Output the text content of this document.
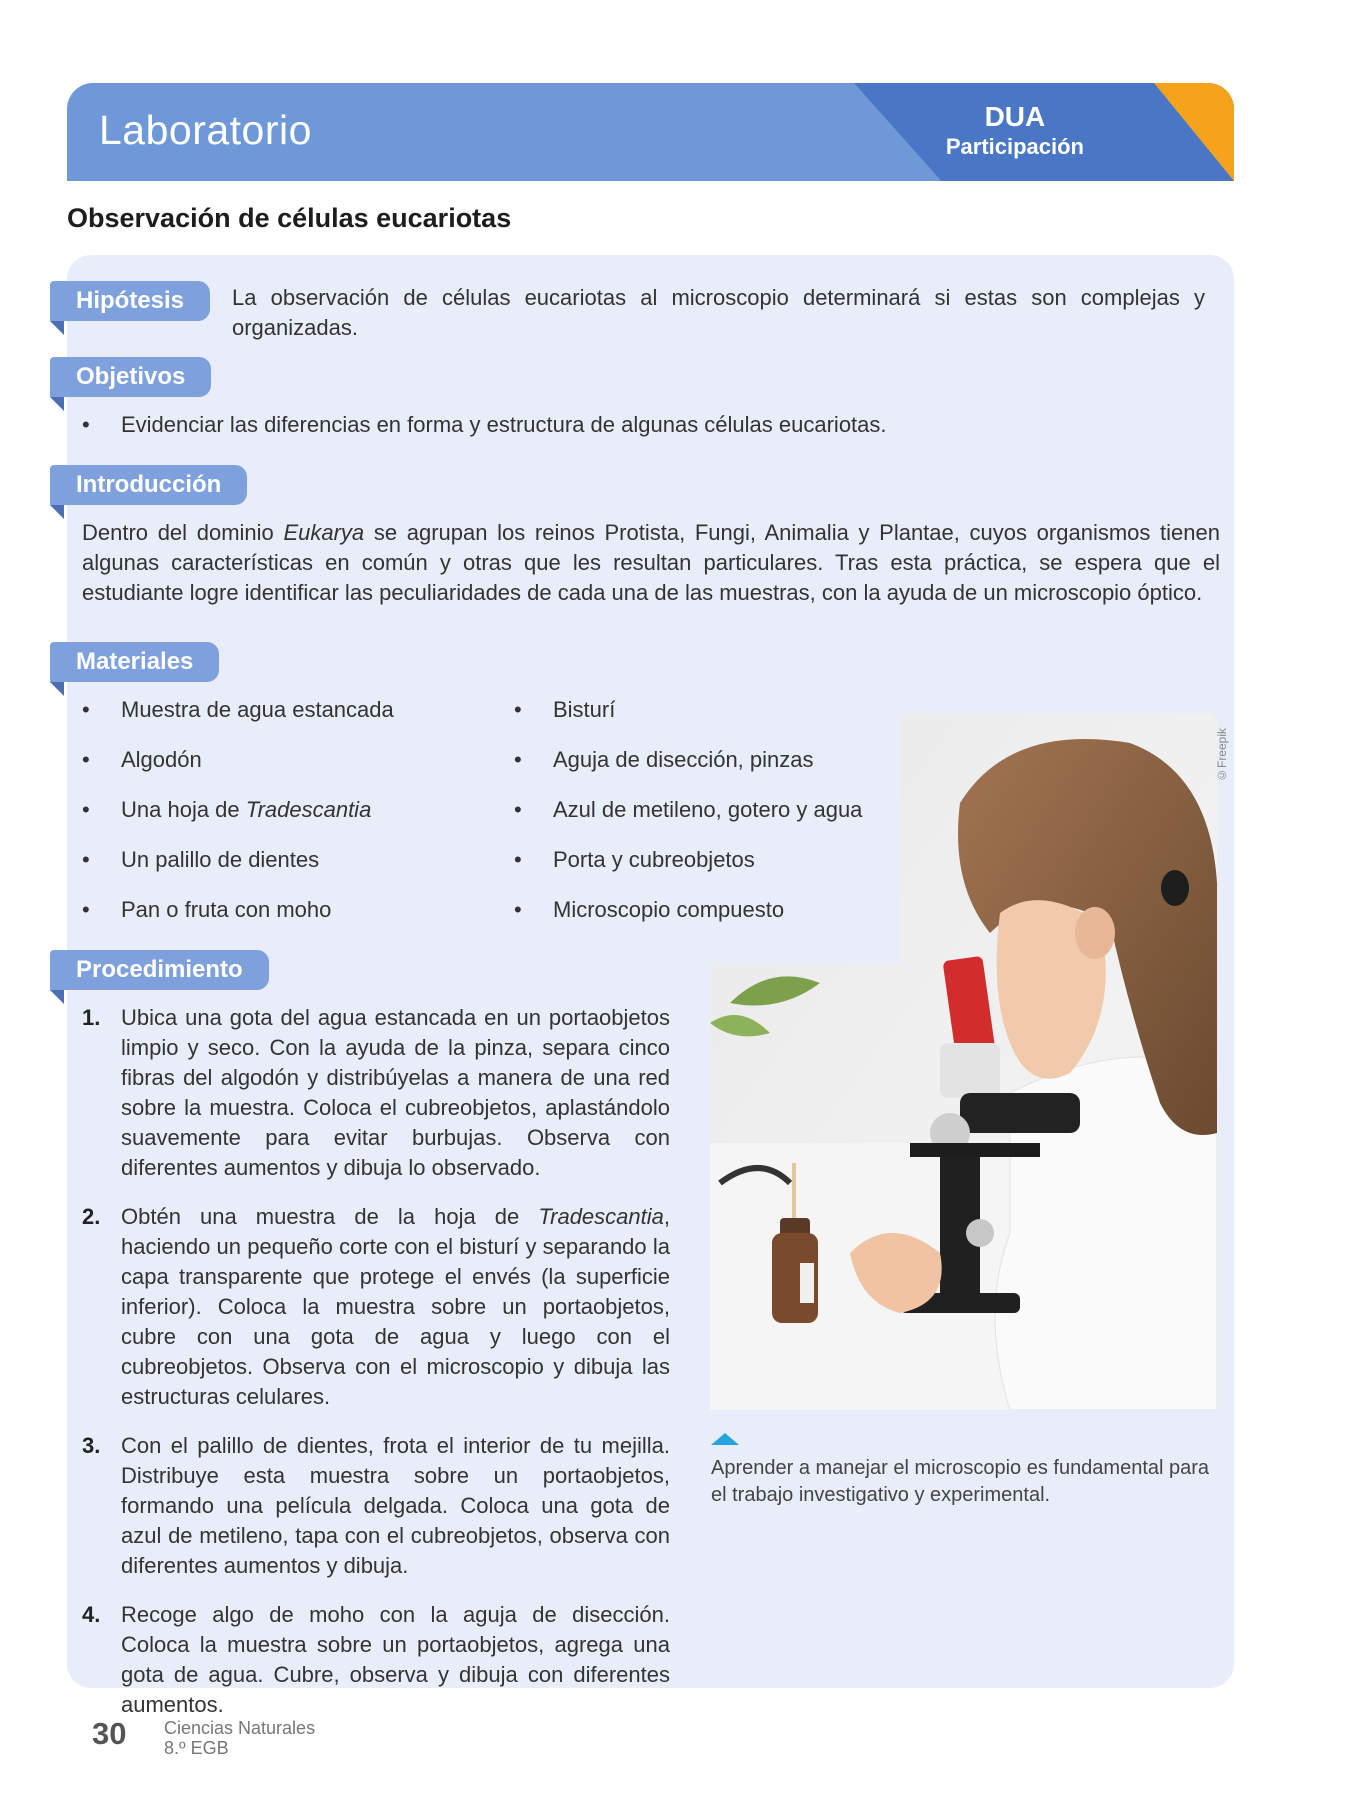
Laboratorio	DUA
Participación
Observación de células eucariotas
Hipótesis	La observación de células eucariotas al microscopio determinará si estas son complejas y organizadas.
Objetivos
• Evidenciar las diferencias en forma y estructura de algunas células eucariotas.
Introducción
Dentro del dominio Eukarya se agrupan los reinos Protista, Fungi, Animalia y Plantae, cuyos organismos tienen algunas características en común y otras que les resultan particulares. Tras esta práctica, se espera que el estudiante logre identificar las peculiaridades de cada una de las muestras, con la ayuda de un microscopio óptico.
Materiales
• Muestra de agua estancada
• Algodón
• Una hoja de Tradescantia
• Un palillo de dientes
• Pan o fruta con moho
• Bisturí
• Aguja de disección, pinzas
• Azul de metileno, gotero y agua
• Porta y cubreobjetos
• Microscopio compuesto
Procedimiento
1. Ubica una gota del agua estancada en un portaobjetos limpio y seco. Con la ayuda de la pinza, separa cinco fibras del algodón y distribúyelas a manera de una red sobre la muestra. Coloca el cubreobjetos, aplastándolo suavemente para evitar burbujas. Observa con diferentes aumentos y dibuja lo observado.
2. Obtén una muestra de la hoja de Tradescantia, haciendo un pequeño corte con el bisturí y separando la capa transparente que protege el envés (la superficie inferior). Coloca la muestra sobre un portaobjetos, cubre con una gota de agua y luego con el cubreobjetos. Observa con el microscopio y dibuja las estructuras celulares.
3. Con el palillo de dientes, frota el interior de tu mejilla. Distribuye esta muestra sobre un portaobjetos, formando una película delgada. Coloca una gota de azul de metileno, tapa con el cubreobjetos, observa con diferentes aumentos y dibuja.
4. Recoge algo de moho con la aguja de disección. Coloca la muestra sobre un portaobjetos, agrega una gota de agua. Cubre, observa y dibuja con diferentes aumentos.
©Freepik
Aprender a manejar el microscopio es fundamental para el trabajo investigativo y experimental.
30 Ciencias Naturales
8.º EGB
